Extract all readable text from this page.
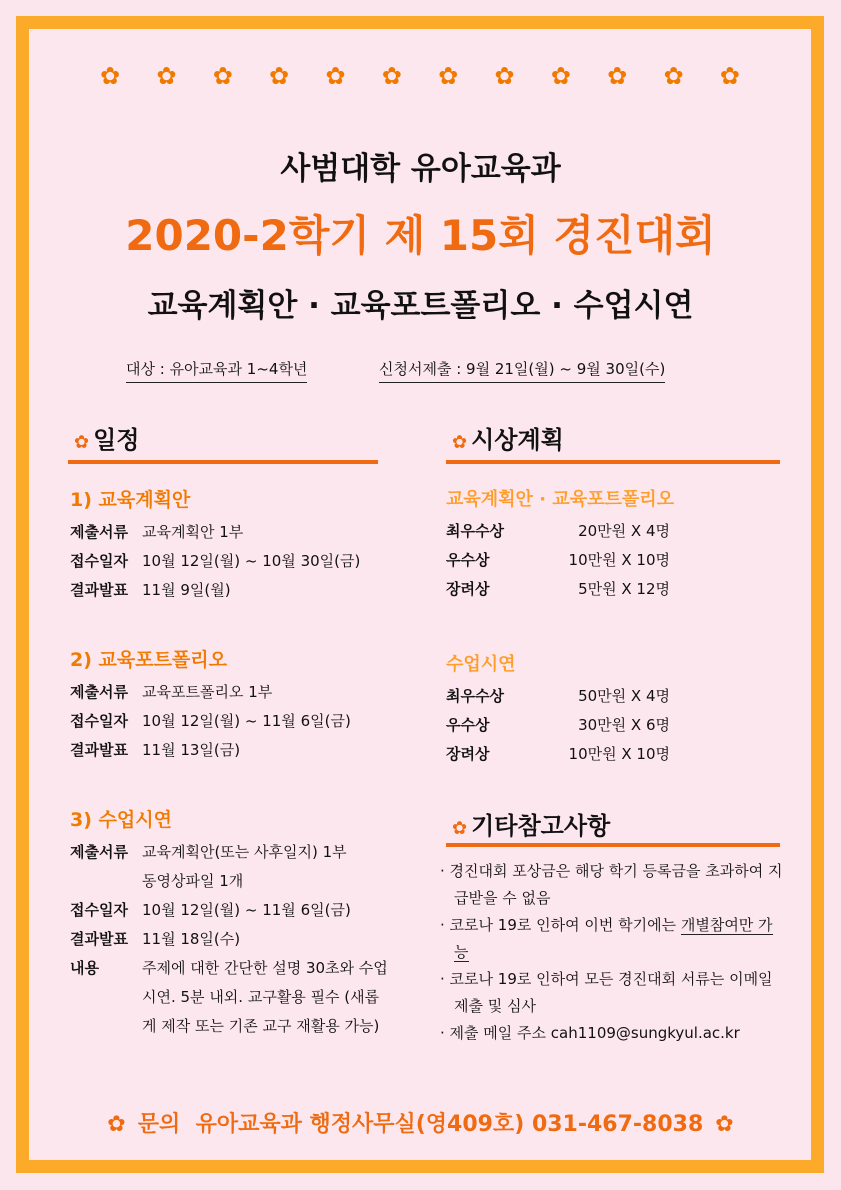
✿ ✿ ✿ ✿ ✿ ✿ ✿ ✿ ✿ ✿ ✿ ✿
사범대학 유아교육과
2020-2학기 제 15회 경진대회
교육계획안 · 교육포트폴리오 · 수업시연
대상 : 유아교육과 1~4학년	신청서제출 : 9월 21일(월) ~ 9월 30일(수)
✿ 일정
1) 교육계획안
제출서류 교육계획안 1부
접수일자 10월 12일(월) ~ 10월 30일(금)
결과발표 11월 9일(월)
2) 교육포트폴리오
제출서류 교육포트폴리오 1부
접수일자 10월 12일(월) ~ 11월 6일(금)
결과발표 11월 13일(금)
3) 수업시연
제출서류 교육계획안(또는 사후일지) 1부
동영상파일 1개
접수일자 10월 12일(월) ~ 11월 6일(금)
결과발표 11월 18일(수)
내용	주제에 대한 간단한 설명 30초와 수업시연. 5분 내외. 교구활용 필수 (새롭게 제작 또는 기존 교구 재활용 가능)
✿ 시상계획
교육계획안 · 교육포트폴리오
최우수상	20만원 X 4명
우수상	10만원 X 10명
장려상	5만원 X 12명
수업시연
최우수상	50만원 X 4명
우수상	30만원 X 6명
장려상	10만원 X 10명
✿ 기타참고사항
· 경진대회 포상금은 해당 학기 등록금을 초과하여 지급받을 수 없음
· 코로나 19로 인하여 이번 학기에는 개별참여만 가능
· 코로나 19로 인하여 모든 경진대회 서류는 이메일 제출 및 심사
· 제출 메일 주소 cah1109@sungkyul.ac.kr
✿ 문의 유아교육과 행정사무실(영409호) 031-467-8038 ✿
